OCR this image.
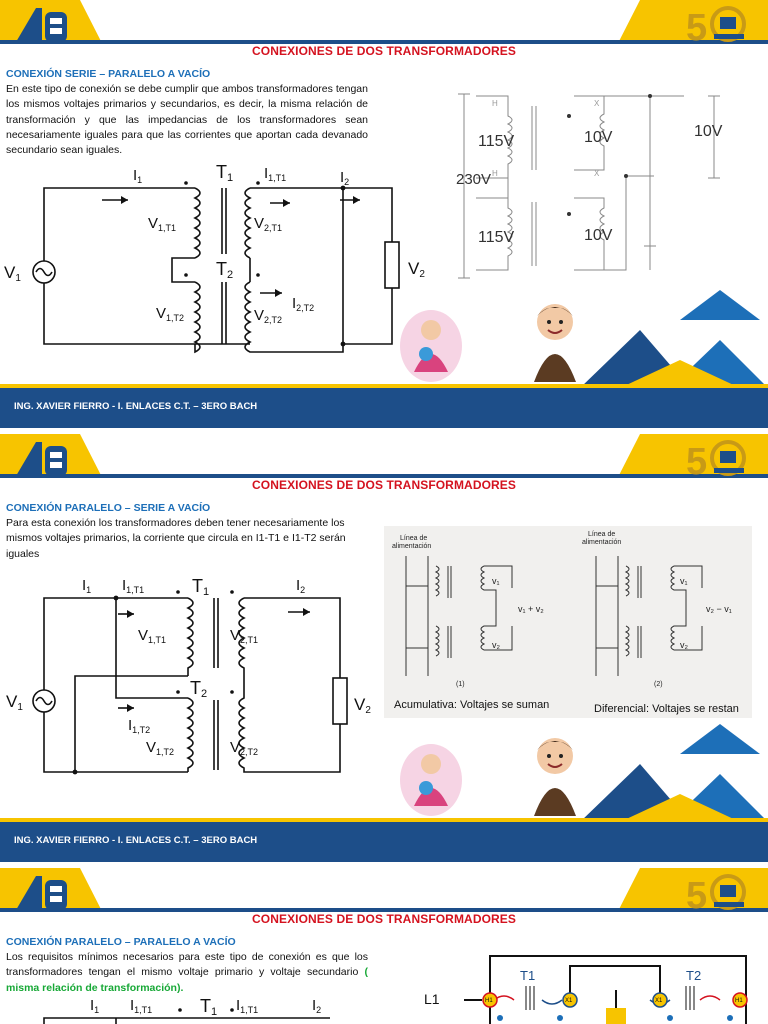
5
CONEXIONES DE DOS TRANSFORMADORES
CONEXIÓN SERIE – PARALELO A VACÍO
En este tipo de conexión se debe cumplir que ambos transformadores tengan los mismos voltajes primarios y secundarios, es decir, la misma relación de transformación y que las impedancias de los transformadores sean necesariamente iguales para que las corrientes que aportan cada devanado secundario sean iguales.
$I_1$	$I_{1,T1}$	$I_2$
T1
T2
V1
$V_{1,T1}$	$V_{2,T1}$
$V_{1,T2}$	$V_{2,T2}$
$I_{2,T2}$
V2
115V
115V
230V
10V
10V
10V
H
H
X
X
ING. XAVIER FIERRO - I. ENLACES C.T. – 3ERO BACH
5
CONEXIONES DE DOS TRANSFORMADORES
CONEXIÓN PARALELO – SERIE A VACÍO
Para esta conexión los transformadores deben tener necesariamente los mismos voltajes primarios, la corriente que circula en I1-T1 e I1-T2 serán iguales
$I_1$ $I_{1,T1}$	$I_2$
T1
T2
V1
$V_{1,T1}$	$V_{2,T1}$
$I_{1,T2}$
$V_{1,T2}$	$V_{2,T2}$
V2
Línea de
alimentación
Línea de
alimentación
v₁ + v₂	v₂ − v₁
v₁
v₂
v₁
v₂
(1)	(2)
Acumulativa: Voltajes se suman	Diferencial: Voltajes se restan
ING. XAVIER FIERRO - I. ENLACES C.T. – 3ERO BACH
5
CONEXIONES DE DOS TRANSFORMADORES
CONEXIÓN PARALELO – PARALELO A VACÍO
Los requisitos mínimos necesarios para este tipo de conexión es que los transformadores tengan el mismo voltaje primario y voltaje secundario ( misma relación de transformación).
$I_1$ $I_{1,T1}$	T1 $I_{1,T1}$	$I_2$
L1
T1	T2
H1	X1	X1	H1
